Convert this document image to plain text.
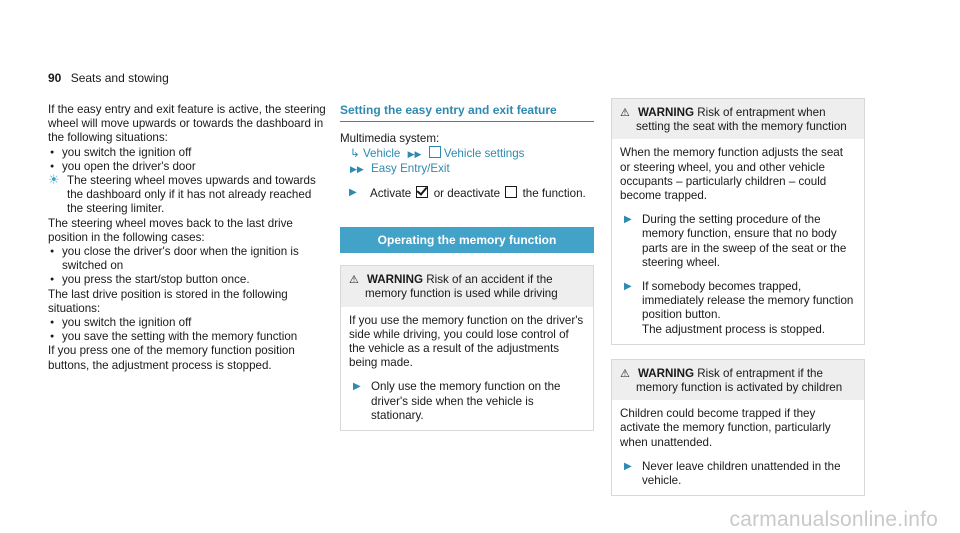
90 Seats and stowing

If the easy entry and exit feature is active, the steering wheel will move upwards or towards the dashboard in the following situations:

● you switch the ignition off
● you open the driver's door
☀ The steering wheel moves upwards and towards the dashboard only if it has not already reached the steering limiter.

The steering wheel moves back to the last drive position in the following cases:

● you close the driver's door when the ignition is switched on
● you press the start/stop button once.

The last drive position is stored in the following situations:

● you switch the ignition off
● you save the setting with the memory function

If you press one of the memory function position buttons, the adjustment process is stopped.

Setting the easy entry and exit feature

Multimedia system:

↳ Vehicle ▶▶ Vehicle settings
▶▶ Easy Entry/Exit
▶ Activate or deactivate the function.
Operating the memory function
⚠ WARNING Risk of an accident if the memory function is used while driving

If you use the memory function on the driver's side while driving, you could lose control of the vehicle as a result of the adjustments being made.

▶ Only use the memory function on the driver's side when the vehicle is stationary.
⚠ WARNING Risk of entrapment when setting the seat with the memory function

When the memory function adjusts the seat or steering wheel, you and other vehicle occupants – particularly children – could become trapped.

▶ During the setting procedure of the memory function, ensure that no body parts are in the sweep of the seat or the steering wheel.
▶ If somebody becomes trapped, immediately release the memory function position button.
The adjustment process is stopped.
⚠ WARNING Risk of entrapment if the memory function is activated by children

Children could become trapped if they activate the memory function, particularly when unattended.

▶ Never leave children unattended in the vehicle.
carmanualsonline.info
